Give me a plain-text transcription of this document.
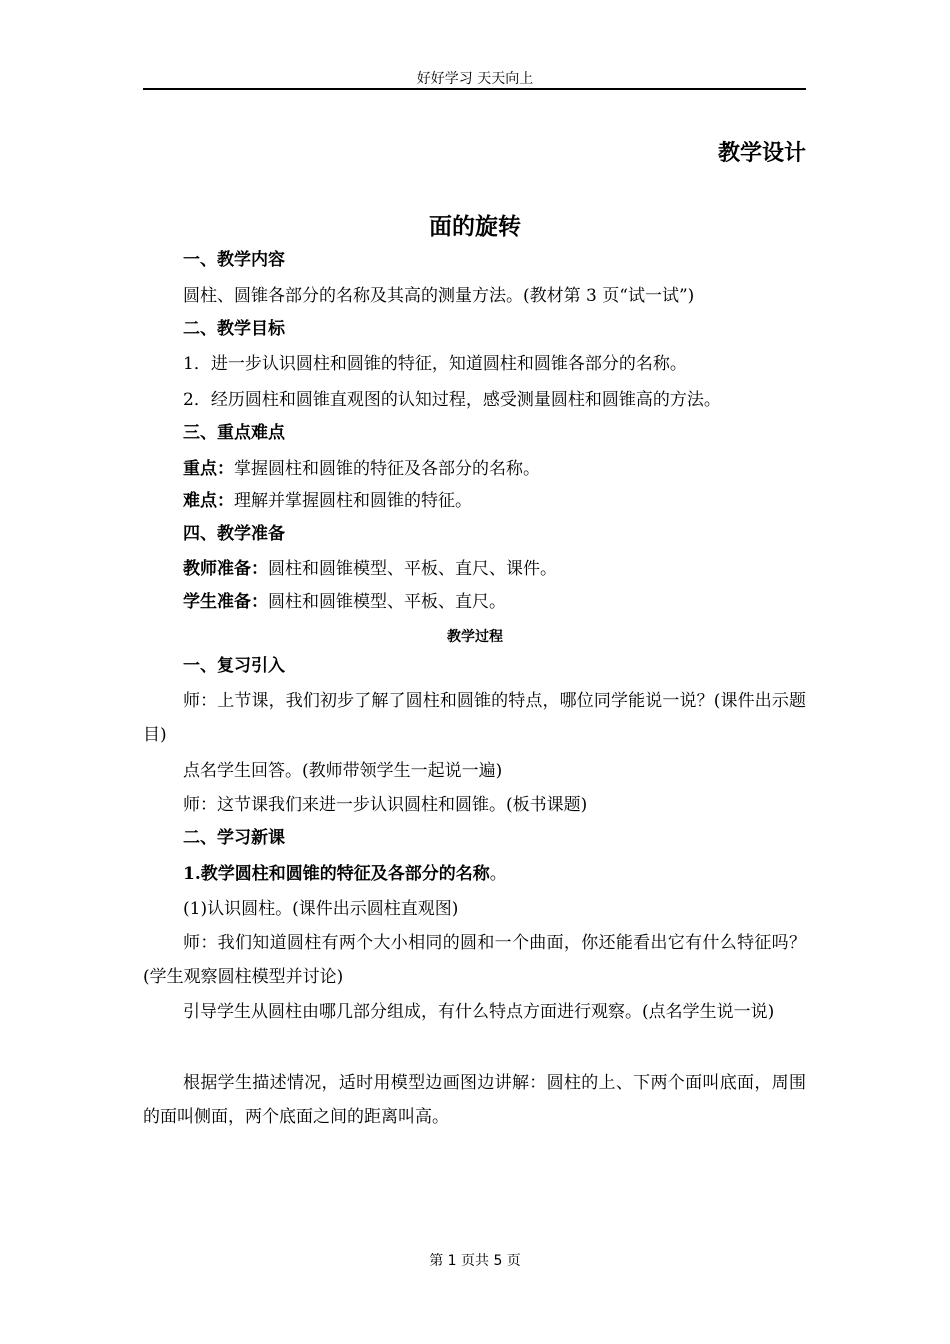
好好学习 天天向上
教学设计
面的旋转
一、教学内容
圆柱、圆锥各部分的名称及其高的测量方法。(教材第 3 页“试一试”)
二、教学目标
1．进一步认识圆柱和圆锥的特征，知道圆柱和圆锥各部分的名称。
2．经历圆柱和圆锥直观图的认知过程，感受测量圆柱和圆锥高的方法。
三、重点难点
重点：掌握圆柱和圆锥的特征及各部分的名称。
难点：理解并掌握圆柱和圆锥的特征。
四、教学准备
教师准备：圆柱和圆锥模型、平板、直尺、课件。
学生准备：圆柱和圆锥模型、平板、直尺。
教学过程
一、复习引入
师：上节课，我们初步了解了圆柱和圆锥的特点，哪位同学能说一说？(课件出示题目)
点名学生回答。(教师带领学生一起说一遍)
师：这节课我们来进一步认识圆柱和圆锥。(板书课题)
二、学习新课
1.教学圆柱和圆锥的特征及各部分的名称。
(1)认识圆柱。(课件出示圆柱直观图)
师：我们知道圆柱有两个大小相同的圆和一个曲面，你还能看出它有什么特征吗？(学生观察圆柱模型并讨论)
引导学生从圆柱由哪几部分组成，有什么特点方面进行观察。(点名学生说一说)
根据学生描述情况，适时用模型边画图边讲解：圆柱的上、下两个面叫底面，周围的面叫侧面，两个底面之间的距离叫高。
第 1 页共 5 页
